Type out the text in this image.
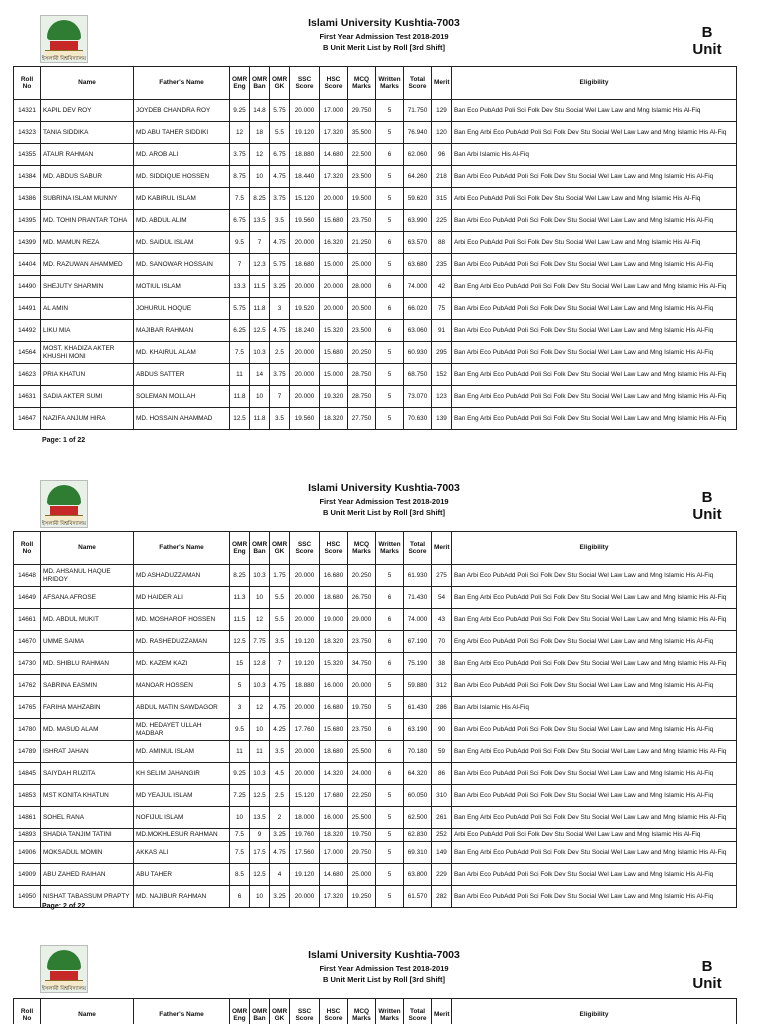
ইসলামী বিশ্ববিদ্যালয়
Islami University Kushtia-7003
First Year Admission Test 2018-2019
B Unit Merit List by Roll [3rd Shift]
B
Unit
Roll No	Name	Father's Name	OMR Eng	OMR Ban	OMR GK	SSC Score	HSC Score	MCQ Marks	Written Marks	Total Score	Merit	Eligibility
14321	KAPIL DEV ROY	JOYDEB CHANDRA ROY	9.25	14.8	5.75	20.000	17.000	29.750	5	71.750	129	Ban Eco PubAdd Poli Sci Folk Dev Stu Social Wel Law Law and Mng Islamic His Al-Fiq
14323	TANIA SIDDIKA	MD ABU TAHER SIDDIKI	12	18	5.5	19.120	17.320	35.500	5	76.940	120	Ban Eng Arbi Eco PubAdd Poli Sci Folk Dev Stu Social Wel Law Law and Mng Islamic His Al-Fiq
14355	ATAUR RAHMAN	MD. AROB ALI	3.75	12	6.75	18.880	14.680	22.500	6	62.060	96	Ban Arbi Islamic His Al-Fiq
14384	MD. ABDUS SABUR	MD. SIDDIQUE HOSSEN	8.75	10	4.75	18.440	17.320	23.500	5	64.260	218	Ban Arbi Eco PubAdd Poli Sci Folk Dev Stu Social Wel Law Law and Mng Islamic His Al-Fiq
14386	SUBRINA ISLAM MUNNY	MD KABIRUL ISLAM	7.5	8.25	3.75	15.120	20.000	19.500	5	59.620	315	Arbi Eco PubAdd Poli Sci Folk Dev Stu Social Wel Law Law and Mng Islamic His Al-Fiq
14395	MD. TOHIN PRANTAR TOHA	MD. ABDUL ALIM	6.75	13.5	3.5	19.560	15.680	23.750	5	63.990	225	Ban Arbi Eco PubAdd Poli Sci Folk Dev Stu Social Wel Law Law and Mng Islamic His Al-Fiq
14399	MD. MAMUN REZA	MD. SAIDUL ISLAM	9.5	7	4.75	20.000	16.320	21.250	6	63.570	88	Arbi Eco PubAdd Poli Sci Folk Dev Stu Social Wel Law Law and Mng Islamic His Al-Fiq
14404	MD. RAZUWAN AHAMMED	MD. SANOWAR HOSSAIN	7	12.3	5.75	18.680	15.000	25.000	5	63.680	235	Ban Arbi Eco PubAdd Poli Sci Folk Dev Stu Social Wel Law Law and Mng Islamic His Al-Fiq
14490	SHEJUTY SHARMIN	MOTIUL ISLAM	13.3	11.5	3.25	20.000	20.000	28.000	6	74.000	42	Ban Eng Arbi Eco PubAdd Poli Sci Folk Dev Stu Social Wel Law Law and Mng Islamic His Al-Fiq
14491	AL AMIN	JOHURUL HOQUE	5.75	11.8	3	19.520	20.000	20.500	6	66.020	75	Ban Arbi Eco PubAdd Poli Sci Folk Dev Stu Social Wel Law Law and Mng Islamic His Al-Fiq
14492	LIKU MIA	MAJIBAR RAHMAN	6.25	12.5	4.75	18.240	15.320	23.500	6	63.060	91	Ban Arbi Eco PubAdd Poli Sci Folk Dev Stu Social Wel Law Law and Mng Islamic His Al-Fiq
14564	MOST. KHADIZA AKTER KHUSHI MONI	MD. KHAIRUL ALAM	7.5	10.3	2.5	20.000	15.680	20.250	5	60.930	295	Ban Arbi Eco PubAdd Poli Sci Folk Dev Stu Social Wel Law Law and Mng Islamic His Al-Fiq
14623	PRIA KHATUN	ABDUS SATTER	11	14	3.75	20.000	15.000	28.750	5	68.750	152	Ban Eng Arbi Eco PubAdd Poli Sci Folk Dev Stu Social Wel Law Law and Mng Islamic His Al-Fiq
14631	SADIA AKTER SUMI	SOLEMAN MOLLAH	11.8	10	7	20.000	19.320	28.750	5	73.070	123	Ban Eng Arbi Eco PubAdd Poli Sci Folk Dev Stu Social Wel Law Law and Mng Islamic His Al-Fiq
14647	NAZIFA ANJUM HIRA	MD. HOSSAIN AHAMMAD	12.5	11.8	3.5	19.560	18.320	27.750	5	70.630	139	Ban Eng Arbi Eco PubAdd Poli Sci Folk Dev Stu Social Wel Law Law and Mng Islamic His Al-Fiq
Page: 1 of 22
ইসলামী বিশ্ববিদ্যালয়
Islami University Kushtia-7003
First Year Admission Test 2018-2019
B Unit Merit List by Roll [3rd Shift]
B
Unit
Roll No	Name	Father's Name	OMR Eng	OMR Ban	OMR GK	SSC Score	HSC Score	MCQ Marks	Written Marks	Total Score	Merit	Eligibility
14648	MD. AHSANUL HAQUE HRIDOY	MD ASHADUZZAMAN	8.25	10.3	1.75	20.000	16.680	20.250	5	61.930	275	Ban Arbi Eco PubAdd Poli Sci Folk Dev Stu Social Wel Law Law and Mng Islamic His Al-Fiq
14649	AFSANA AFROSE	MD HAIDER ALI	11.3	10	5.5	20.000	18.680	26.750	6	71.430	54	Ban Eng Arbi Eco PubAdd Poli Sci Folk Dev Stu Social Wel Law Law and Mng Islamic His Al-Fiq
14661	MD. ABDUL MUKIT	MD. MOSHAROF HOSSEN	11.5	12	5.5	20.000	19.000	29.000	6	74.000	43	Ban Eng Arbi Eco PubAdd Poli Sci Folk Dev Stu Social Wel Law Law and Mng Islamic His Al-Fiq
14670	UMME SAIMA	MD. RASHEDUZZAMAN	12.5	7.75	3.5	19.120	18.320	23.750	6	67.190	70	Eng Arbi Eco PubAdd Poli Sci Folk Dev Stu Social Wel Law Law and Mng Islamic His Al-Fiq
14730	MD. SHIBLU RAHMAN	MD. KAZEM KAZI	15	12.8	7	19.120	15.320	34.750	6	75.190	38	Ban Eng Arbi Eco PubAdd Poli Sci Folk Dev Stu Social Wel Law Law and Mng Islamic His Al-Fiq
14762	SABRINA EASMIN	MANOAR HOSSEN	5	10.3	4.75	18.880	16.000	20.000	5	59.880	312	Ban Arbi Eco PubAdd Poli Sci Folk Dev Stu Social Wel Law Law and Mng Islamic His Al-Fiq
14765	FARIHA MAHZABIN	ABDUL MATIN SAWDAGOR	3	12	4.75	20.000	16.680	19.750	5	61.430	286	Ban Arbi Islamic His Al-Fiq
14780	MD. MASUD ALAM	MD. HEDAYET ULLAH MADBAR	9.5	10	4.25	17.760	15.680	23.750	6	63.190	90	Ban Arbi Eco PubAdd Poli Sci Folk Dev Stu Social Wel Law Law and Mng Islamic His Al-Fiq
14789	ISHRAT JAHAN	MD. AMINUL ISLAM	11	11	3.5	20.000	18.680	25.500	6	70.180	59	Ban Eng Arbi Eco PubAdd Poli Sci Folk Dev Stu Social Wel Law Law and Mng Islamic His Al-Fiq
14845	SAIYDAH RUZITA	KH SELIM JAHANGIR	9.25	10.3	4.5	20.000	14.320	24.000	6	64.320	86	Ban Arbi Eco PubAdd Poli Sci Folk Dev Stu Social Wel Law Law and Mng Islamic His Al-Fiq
14853	MST KONITA KHATUN	MD YEAJUL ISLAM	7.25	12.5	2.5	15.120	17.680	22.250	5	60.050	310	Ban Arbi Eco PubAdd Poli Sci Folk Dev Stu Social Wel Law Law and Mng Islamic His Al-Fiq
14861	SOHEL RANA	NOFIJUL ISLAM	10	13.5	2	18.000	16.000	25.500	5	62.500	261	Ban Eng Arbi Eco PubAdd Poli Sci Folk Dev Stu Social Wel Law Law and Mng Islamic His Al-Fiq
14893	SHADIA TANJIM TATINI	MD.MOKHLESUR RAHMAN	7.5	9	3.25	19.760	18.320	19.750	5	62.830	252	Arbi Eco PubAdd Poli Sci Folk Dev Stu Social Wel Law Law and Mng Islamic His Al-Fiq
14906	MOKSADUL MOMIN	AKKAS ALI	7.5	17.5	4.75	17.560	17.000	29.750	5	69.310	149	Ban Eng Arbi Eco PubAdd Poli Sci Folk Dev Stu Social Wel Law Law and Mng Islamic His Al-Fiq
14909	ABU ZAHED RAIHAN	ABU TAHER	8.5	12.5	4	19.120	14.680	25.000	5	63.800	229	Ban Arbi Eco PubAdd Poli Sci Folk Dev Stu Social Wel Law Law and Mng Islamic His Al-Fiq
14950	NISHAT TABASSUM PRAPTY	MD. NAJIBUR RAHMAN	6	10	3.25	20.000	17.320	19.250	5	61.570	282	Ban Arbi Eco PubAdd Poli Sci Folk Dev Stu Social Wel Law Law and Mng Islamic His Al-Fiq
Page: 2 of 22
ইসলামী বিশ্ববিদ্যালয়
Islami University Kushtia-7003
First Year Admission Test 2018-2019
B Unit Merit List by Roll [3rd Shift]
B
Unit
Roll No	Name	Father's Name	OMR Eng	OMR Ban	OMR GK	SSC Score	HSC Score	MCQ Marks	Written Marks	Total Score	Merit	Eligibility
